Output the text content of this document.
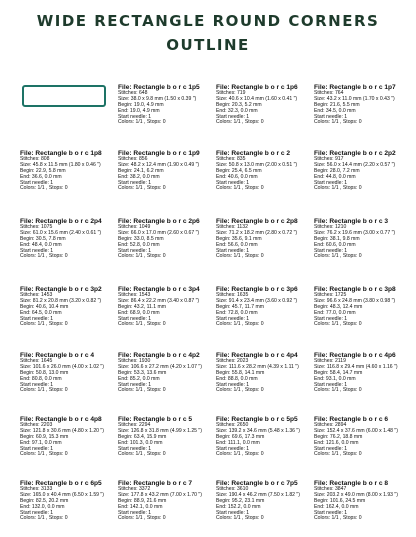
WIDE RECTANGLE ROUND CORNERS
OUTLINE
File: Rectangle b o r c 1p5
Stitches: 648
Size: 38.0 x 9.8 mm (1.50 x 0.39 ")
Begin: 19.0, 4.9 mm
End: 19.0, 4.9 mm
Start needle: 1
Colors: 1/1 , Stops: 0
File: Rectangle b o r c 1p6
Stitches: 719
Size: 40.6 x 10.4 mm (1.60 x 0.41 ")
Begin: 20.3, 5.2 mm
End: 32.3, 0.0 mm
Start needle: 1
Colors: 1/1 , Stops: 0
File: Rectangle b o r c 1p7
Stitches: 764
Size: 43.2 x 11.0 mm (1.70 x 0.43 ")
Begin: 21.6, 5.5 mm
End: 34.5, 0.0 mm
Start needle: 1
Colors: 1/1 , Stops: 0
File: Rectangle b o r c 1p8
Stitches: 808
Size: 45.8 x 11.5 mm (1.80 x 0.46 ")
Begin: 22.9, 5.8 mm
End: 36.6, 0.0 mm
Start needle: 1
Colors: 1/1 , Stops: 0
File: Rectangle b o r c 1p9
Stitches: 856
Size: 48.2 x 12.4 mm (1.90 x 0.49 ")
Begin: 24.1, 6.2 mm
End: 38.2, 0.0 mm
Start needle: 1
Colors: 1/1 , Stops: 0
File: Rectangle b o r c 2
Stitches: 835
Size: 50.8 x 13.0 mm (2.00 x 0.51 ")
Begin: 25.4, 6.5 mm
End: 40.6, 0.0 mm
Start needle: 1
Colors: 1/1 , Stops: 0
File: Rectangle b o r c 2p2
Stitches: 917
Size: 56.0 x 14.4 mm (2.20 x 0.57 ")
Begin: 28.0, 7.2 mm
End: 44.8, 0.0 mm
Start needle: 1
Colors: 1/1 , Stops: 0
File: Rectangle b o r c 2p4
Stitches: 1075
Size: 61.0 x 15.6 mm (2.40 x 0.61 ")
Begin: 30.5, 7.8 mm
End: 48.4, 0.0 mm
Start needle: 1
Colors: 1/1 , Stops: 0
File: Rectangle b o r c 2p6
Stitches: 1049
Size: 66.0 x 17.0 mm (2.60 x 0.67 ")
Begin: 33.0, 8.5 mm
End: 52.8, 0.0 mm
Start needle: 1
Colors: 1/1 , Stops: 0
File: Rectangle b o r c 2p8
Stitches: 1132
Size: 71.2 x 18.2 mm (2.80 x 0.72 ")
Begin: 35.6, 9.1 mm
End: 56.6, 0.0 mm
Start needle: 1
Colors: 1/1 , Stops: 0
File: Rectangle b o r c 3
Stitches: 1210
Size: 76.2 x 19.6 mm (3.00 x 0.77 ")
Begin: 38.1, 9.8 mm
End: 60.6, 0.0 mm
Start needle: 1
Colors: 1/1 , Stops: 0
File: Rectangle b o r c 3p2
Stitches: 1453
Size: 81.2 x 20.8 mm (3.20 x 0.82 ")
Begin: 40.6, 10.4 mm
End: 64.5, 0.0 mm
Start needle: 1
Colors: 1/1 , Stops: 0
File: Rectangle b o r c 3p4
Stitches: 1543
Size: 86.4 x 22.2 mm (3.40 x 0.87 ")
Begin: 43.2, 11.1 mm
End: 68.9, 0.0 mm
Start needle: 1
Colors: 1/1 , Stops: 0
File: Rectangle b o r c 3p6
Stitches: 1635
Size: 91.4 x 23.4 mm (3.60 x 0.92 ")
Begin: 45.7, 11.7 mm
End: 72.8, 0.0 mm
Start needle: 1
Colors: 1/1 , Stops: 0
File: Rectangle b o r c 3p8
Stitches: 1725
Size: 96.6 x 24.8 mm (3.80 x 0.98 ")
Begin: 48.3, 12.4 mm
End: 77.0, 0.0 mm
Start needle: 1
Colors: 1/1 , Stops: 0
File: Rectangle b o r c 4
Stitches: 1645
Size: 101.6 x 26.0 mm (4.00 x 1.02 ")
Begin: 50.8, 13.0 mm
End: 80.8, 0.0 mm
Start needle: 1
Colors: 1/1 , Stops: 0
File: Rectangle b o r c 4p2
Stitches: 1930
Size: 106.6 x 27.2 mm (4.20 x 1.07 ")
Begin: 53.3, 13.6 mm
End: 85.2, 0.0 mm
Start needle: 1
Colors: 1/1 , Stops: 0
File: Rectangle b o r c 4p4
Stitches: 2023
Size: 111.6 x 28.2 mm (4.39 x 1.11 ")
Begin: 55.8, 14.1 mm
End: 88.8, 0.0 mm
Start needle: 1
Colors: 1/1 , Stops: 0
File: Rectangle b o r c 4p6
Stitches: 2119
Size: 116.8 x 29.4 mm (4.60 x 1.16 ")
Begin: 58.4, 14.7 mm
End: 93.1, 0.0 mm
Start needle: 1
Colors: 1/1 , Stops: 0
File: Rectangle b o r c 4p8
Stitches: 2203
Size: 121.8 x 30.6 mm (4.80 x 1.20 ")
Begin: 60.9, 15.3 mm
End: 97.1, 0.0 mm
Start needle: 1
Colors: 1/1 , Stops: 0
File: Rectangle b o r c 5
Stitches: 2294
Size: 126.8 x 31.8 mm (4.99 x 1.25 ")
Begin: 63.4, 15.9 mm
End: 101.3, 0.0 mm
Start needle: 1
Colors: 1/1 , Stops: 0
File: Rectangle b o r c 5p5
Stitches: 2650
Size: 139.2 x 34.6 mm (5.48 x 1.36 ")
Begin: 69.6, 17.3 mm
End: 111.1, 0.0 mm
Start needle: 1
Colors: 1/1 , Stops: 0
File: Rectangle b o r c 6
Stitches: 2894
Size: 152.4 x 37.6 mm (6.00 x 1.48 ")
Begin: 76.2, 18.8 mm
End: 121.6, 0.0 mm
Start needle: 1
Colors: 1/1 , Stops: 0
File: Rectangle b o r c 6p5
Stitches: 3133
Size: 165.0 x 40.4 mm (6.50 x 1.59 ")
Begin: 82.5, 20.2 mm
End: 132.0, 0.0 mm
Start needle: 1
Colors: 1/1 , Stops: 0
File: Rectangle b o r c 7
Stitches: 3372
Size: 177.8 x 43.2 mm (7.00 x 1.70 ")
Begin: 88.9, 21.6 mm
End: 142.1, 0.0 mm
Start needle: 1
Colors: 1/1 , Stops: 0
File: Rectangle b o r c 7p5
Stitches: 3610
Size: 190.4 x 46.2 mm (7.50 x 1.82 ")
Begin: 95.2, 23.1 mm
End: 152.2, 0.0 mm
Start needle: 1
Colors: 1/1 , Stops: 0
File: Rectangle b o r c 8
Stitches: 3847
Size: 203.2 x 49.0 mm (8.00 x 1.93 ")
Begin: 101.6, 24.5 mm
End: 162.4, 0.0 mm
Start needle: 1
Colors: 1/1 , Stops: 0
